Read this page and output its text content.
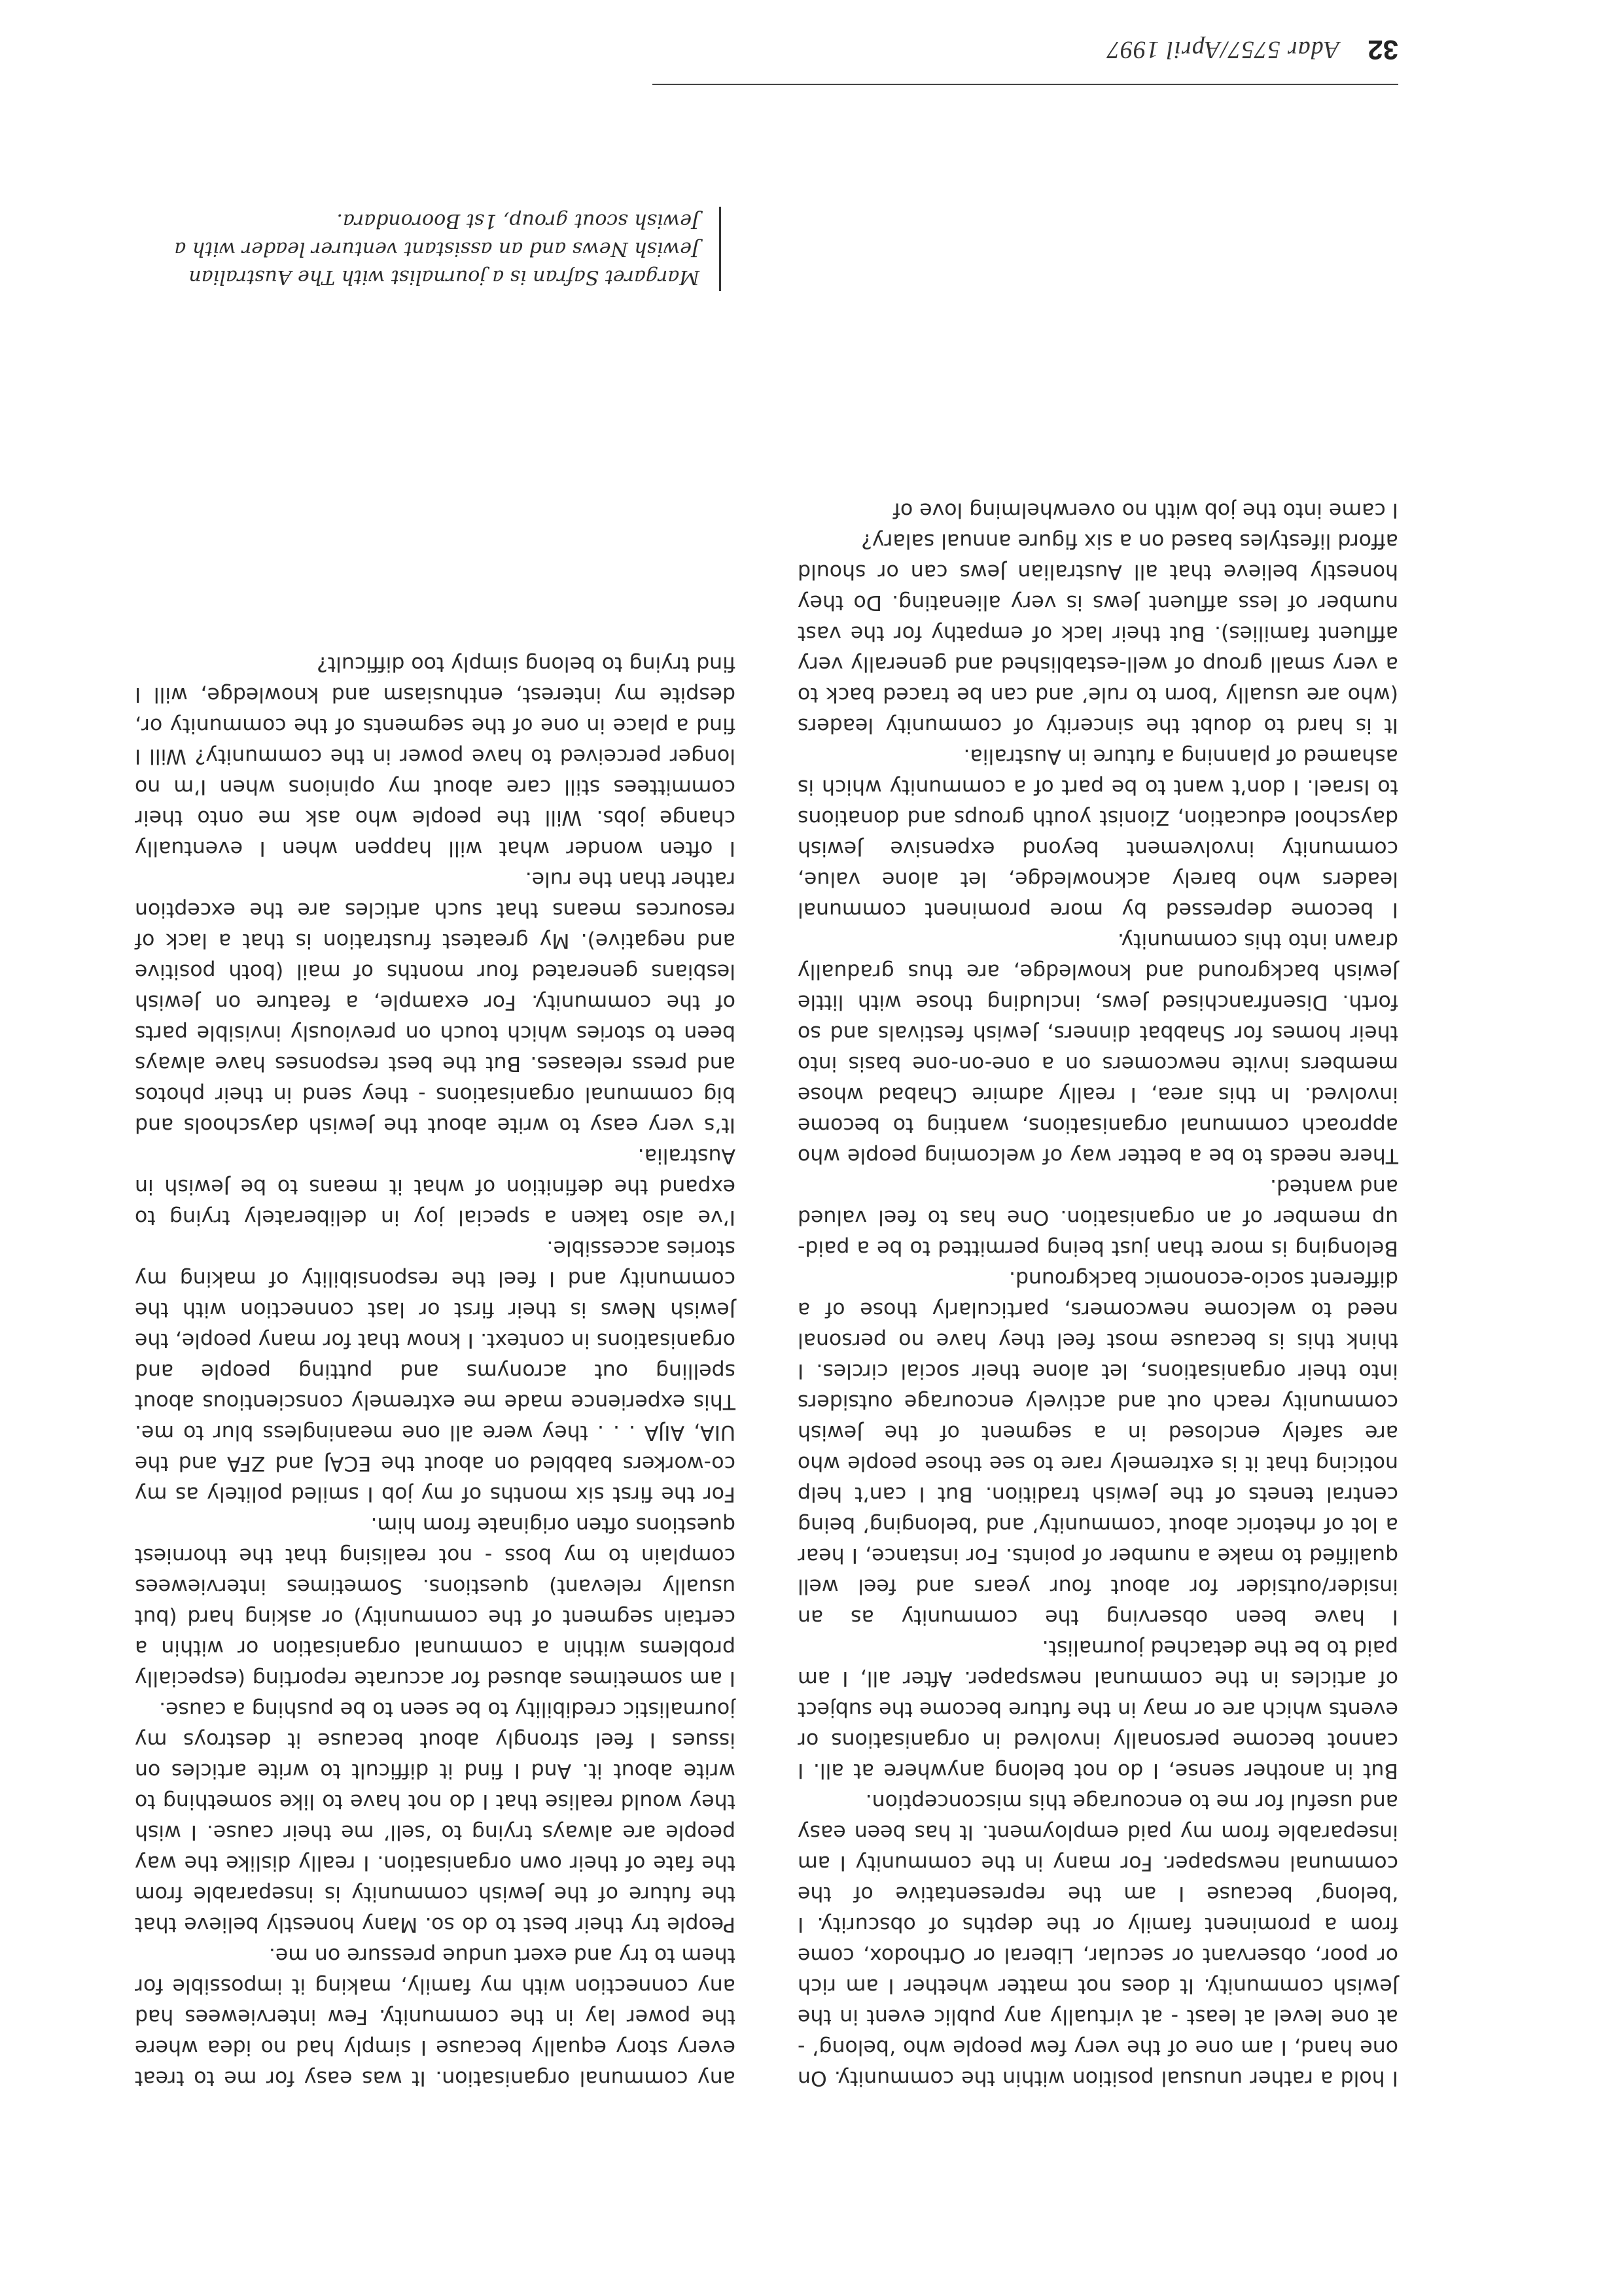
I hold a rather unusual position within the community. On one hand, I am one of the very few people who ‘belong’ - at one level at least - at virtually any public event in the Jewish community. It does not matter whether I am rich or poor, observant or secular, Liberal or Orthodox, come from a prominent family or the depths of obscurity. I ‘belong’ because I am the representative of the communal newspaper. For many in the community I am inseparable from my paid employment. It has been easy and useful for me to encourage this misconception.

But in another sense, I do not belong anywhere at all. I cannot become personally involved in organisations or events which are or may in the future become the subject of articles in the communal newspaper. After all, I am paid to be the detached journalist.

I have been observing the community as an insider/outsider for about four years and feel well qualified to make a number of points. For instance, I hear a lot of rhetoric about ‘community’ and ‘belonging’ being central tenets of the Jewish tradition. But I can’t help noticing that it is extremely rare to see those people who are safely enclosed in a segment of the Jewish community reach out and actively encourage outsiders into their organisations, let alone their social circles. I think this is because most feel they have no personal need to welcome newcomers, particularly those of a different socio-economic background.

Belonging is more than just being permitted to be a paid-up member of an organisation. One has to feel valued and wanted.

There needs to be a better way of welcoming people who approach communal organisations, wanting to become involved. In this area, I really admire Chabad whose members invite newcomers on a one-on-one basis into their homes for Shabbat dinners, Jewish festivals and so forth. Disenfranchised Jews, including those with little Jewish background and knowledge, are thus gradually drawn into this community.

I become depressed by more prominent communal leaders who barely acknowledge, let alone value, community involvement beyond expensive Jewish dayschool education, Zionist youth groups and donations to Israel. I don’t want to be part of a community which is ashamed of planning a future in Australia.

It is hard to doubt the sincerity of community leaders (who are usually ‘born to rule’ and can be traced back to a very small group of well-established and generally very affluent families). But their lack of empathy for the vast number of less affluent Jews is very alienating. Do they honestly believe that all Australian Jews can or should afford lifestyles based on a six figure annual salary?

I came into the job with no overwhelming love of

any communal organisation. It was easy for me to treat every story equally because I simply had no idea where the power lay in the community. Few interviewees had any connection with my family, making it impossible for them to try and exert undue pressure on me.

People try their best to do so. Many honestly believe that the future of the Jewish community is inseparable from the fate of their own organisation. I really dislike the way people are always trying to ‘sell’ me their cause. I wish they would realise that I do not have to like something to write about it. And I find it difficult to write articles on issues I feel strongly about because it destroys my journalistic credibility to be seen to be pushing a cause.

I am sometimes abused for accurate reporting (especially problems within a communal organisation or within a certain segment of the community) or asking hard (but usually relevant) questions. Sometimes interviewees complain to my boss - not realising that the thorniest questions often originate from him.

For the first six months of my job I smiled politely as my co-workers babbled on about the ECAJ and ZFA and the UIA, AIJA . . . they were all one meaningless blur to me. This experience made me extremely conscientious about spelling out acronyms and putting people and organisations in context. I know that for many people, the Jewish News is their first or last connection with the community and I feel the responsibility of making my stories accessible.

I’ve also taken a special joy in deliberately trying to expand the definition of what it means to be Jewish in Australia.

It’s very easy to write about the Jewish dayschools and big communal organisations - they send in their photos and press releases. But the best responses have always been to stories which touch on previously invisible parts of the community. For example, a feature on Jewish lesbians generated four months of mail (both positive and negative). My greatest frustration is that a lack of resources means that such articles are the exception rather than the rule.

I often wonder what will happen when I eventually change jobs. Will the people who ask me onto their committees still care about my opinions when I’m no longer perceived to have power in the community? Will I find a place in one of the segments of the community or, despite my interest, enthusiasm and knowledge, will I find trying to belong simply too difficult?

Margaret Safran is a journalist with The Australian Jewish News and an assistant venturer leader with a Jewish scout group, 1st Boorondara.
32
Adar 5757/April 1997
